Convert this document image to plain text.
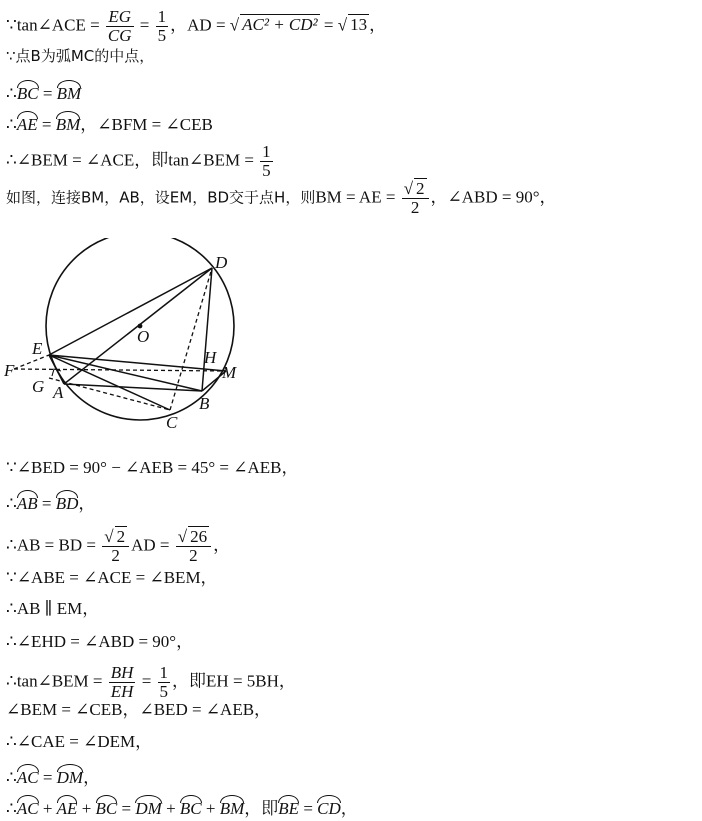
∵tan∠ACE = $\frac{EG}{CG} = \frac{1}{5}$ ，AD = √ AC² + CD² = √ 13 ，
∵点B为弧MC的中点，
∴BC = BM
∴AE = BM，∠BFM = ∠CEB
∴∠BEM = ∠ACE，即tan∠BEM = $\frac{1}{5}$
如图，连接BM，AB，设EM，BD交于点H，则BM = AE = $\frac{√ 2}{2}$ ，∠ABD = 90°，
D
O
E
F
G A
H
M
B
C
∵∠BED = 90° − ∠AEB = 45° = ∠AEB，
∴AB = BD，
∴AB = BD = $\frac{√ 2}{2}$ AD = $\frac{√ 26}{2}$ ，
∵∠ABE = ∠ACE = ∠BEM，
∴AB ∥ EM，
∴∠EHD = ∠ABD = 90°，
∴tan∠BEM = $\frac{BH}{EH} = \frac{1}{5}$ ，即EH = 5BH，
∠BEM = ∠CEB，∠BED = ∠AEB，
∴∠CAE = ∠DEM，
∴AC = DM，
∴AC + AE + BC = DM + BC + BM，即BE = CD，
